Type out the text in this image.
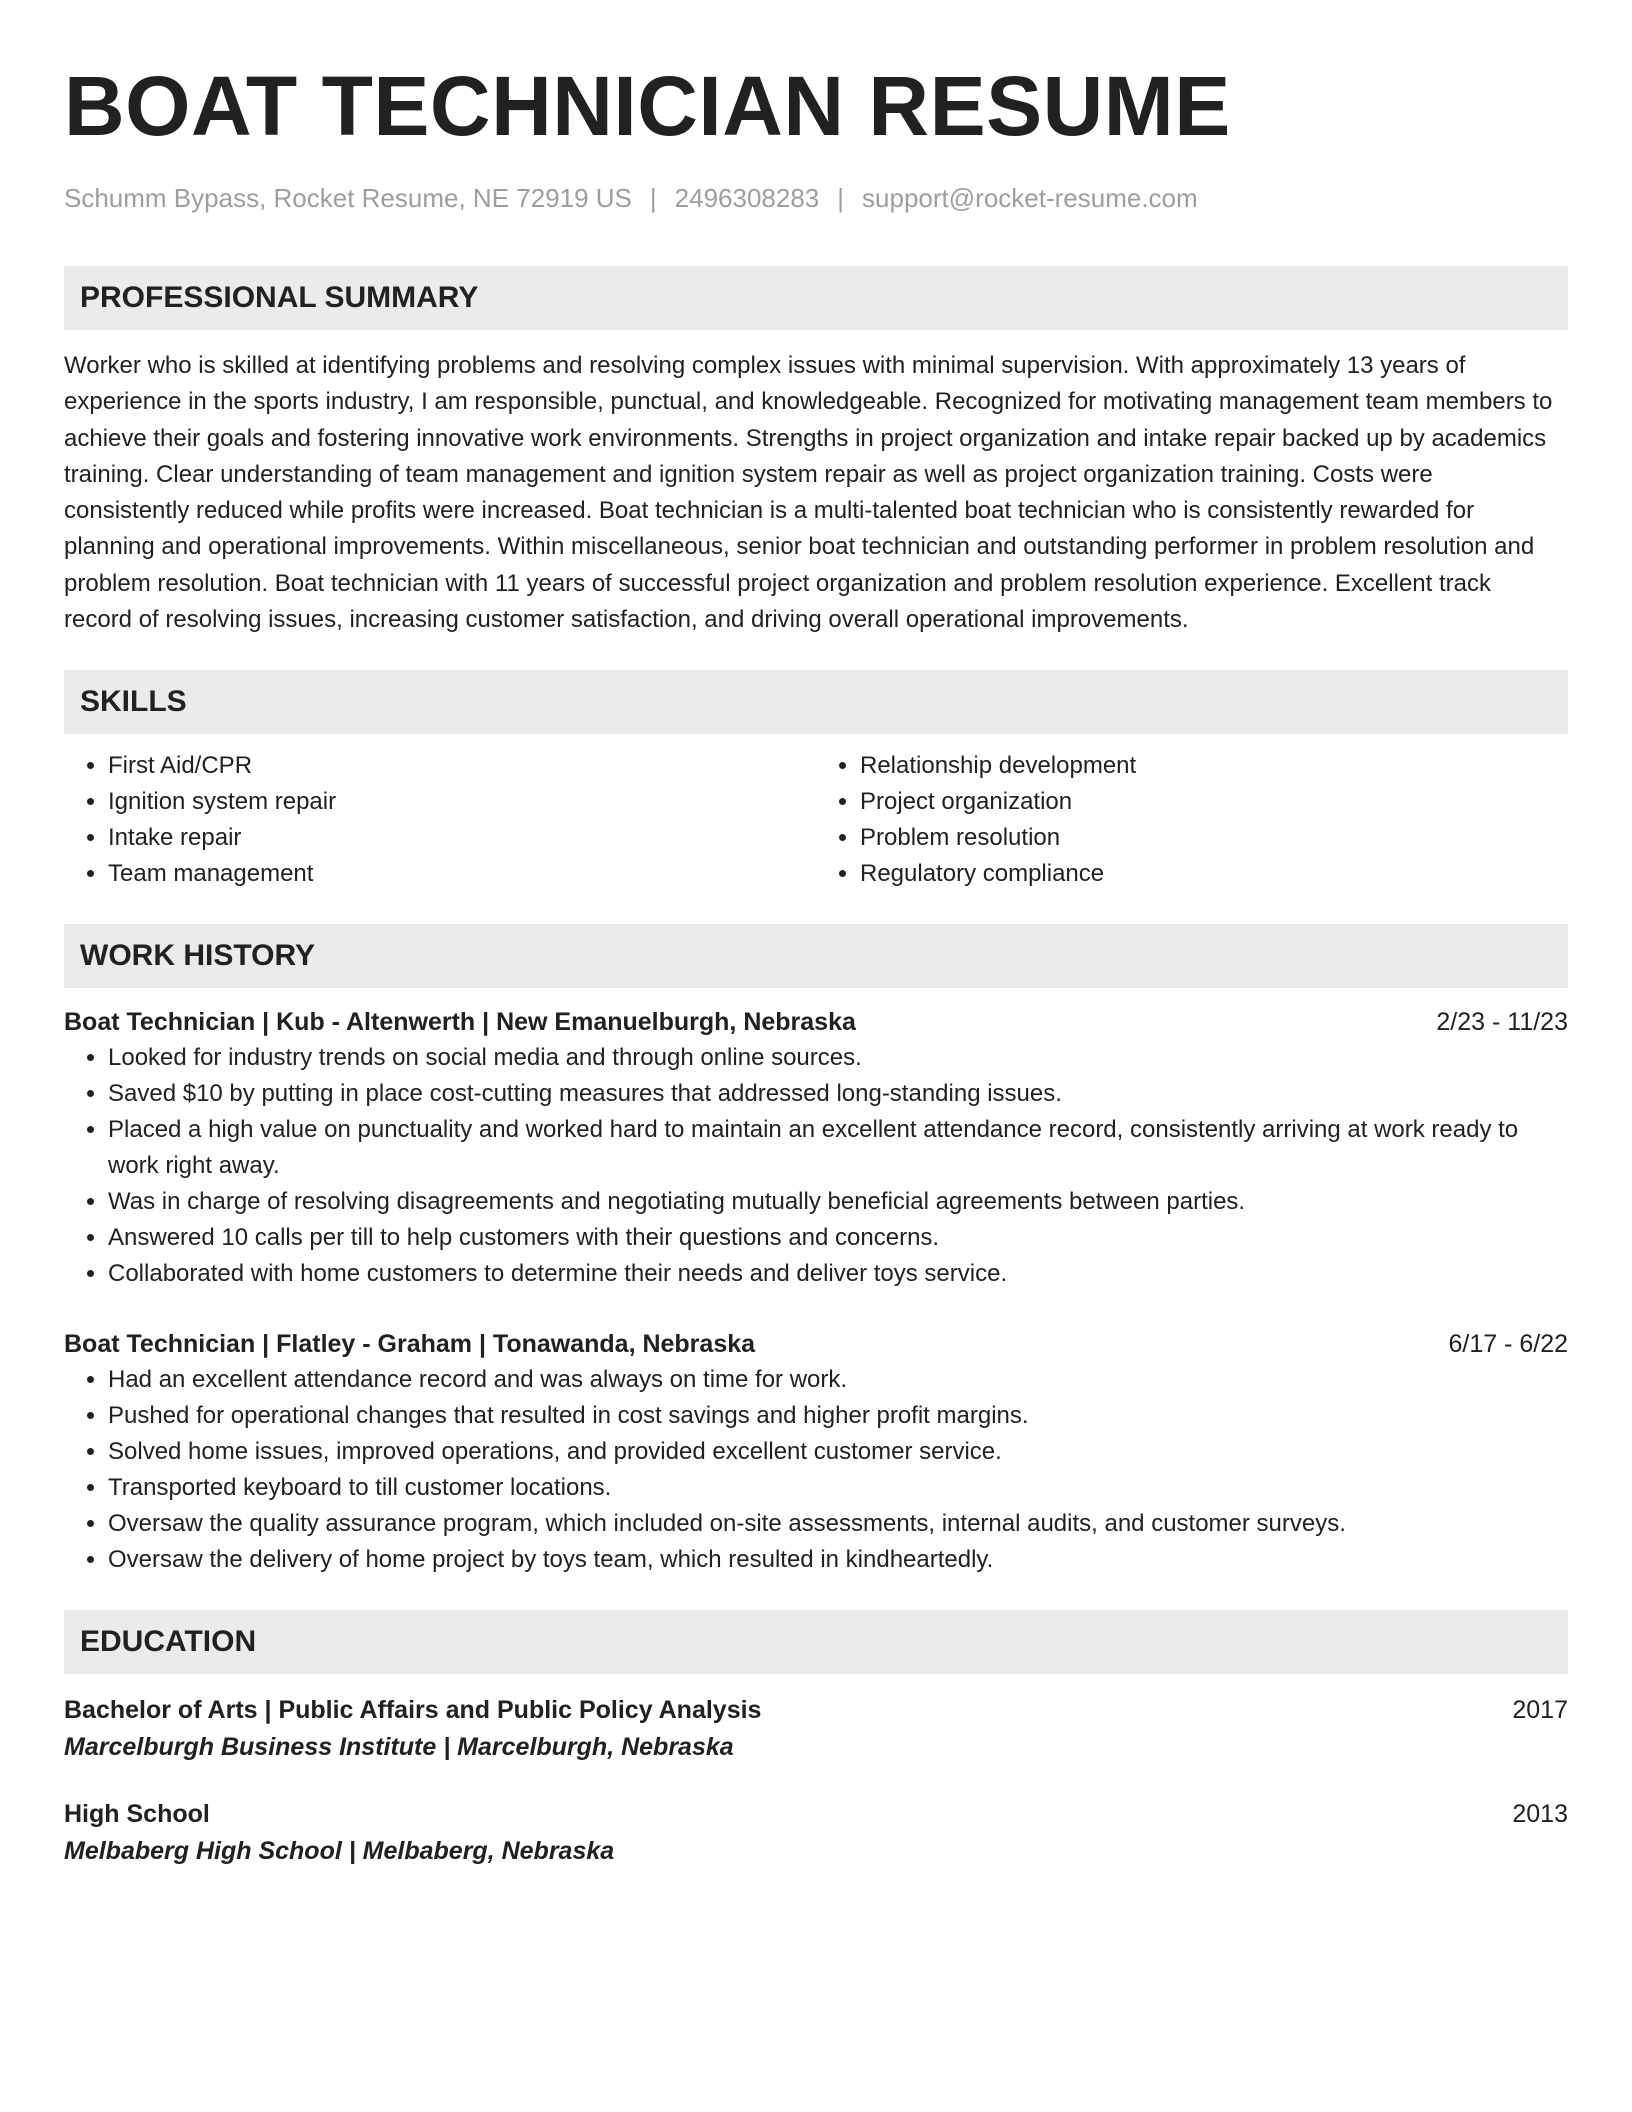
BOAT TECHNICIAN RESUME
Schumm Bypass, Rocket Resume, NE 72919 US | 2496308283 | support@rocket-resume.com
PROFESSIONAL SUMMARY
Worker who is skilled at identifying problems and resolving complex issues with minimal supervision. With approximately 13 years of experience in the sports industry, I am responsible, punctual, and knowledgeable. Recognized for motivating management team members to achieve their goals and fostering innovative work environments. Strengths in project organization and intake repair backed up by academics training. Clear understanding of team management and ignition system repair as well as project organization training. Costs were consistently reduced while profits were increased. Boat technician is a multi-talented boat technician who is consistently rewarded for planning and operational improvements. Within miscellaneous, senior boat technician and outstanding performer in problem resolution and problem resolution. Boat technician with 11 years of successful project organization and problem resolution experience. Excellent track record of resolving issues, increasing customer satisfaction, and driving overall operational improvements.
SKILLS
• First Aid/CPR
• Ignition system repair
• Intake repair
• Team management
• Relationship development
• Project organization
• Problem resolution
• Regulatory compliance
WORK HISTORY
Boat Technician | Kub - Altenwerth | New Emanuelburgh, Nebraska	2/23 - 11/23
• Looked for industry trends on social media and through online sources.
• Saved $10 by putting in place cost-cutting measures that addressed long-standing issues.
• Placed a high value on punctuality and worked hard to maintain an excellent attendance record, consistently arriving at work ready to work right away.
• Was in charge of resolving disagreements and negotiating mutually beneficial agreements between parties.
• Answered 10 calls per till to help customers with their questions and concerns.
• Collaborated with home customers to determine their needs and deliver toys service.
Boat Technician | Flatley - Graham | Tonawanda, Nebraska	6/17 - 6/22
• Had an excellent attendance record and was always on time for work.
• Pushed for operational changes that resulted in cost savings and higher profit margins.
• Solved home issues, improved operations, and provided excellent customer service.
• Transported keyboard to till customer locations.
• Oversaw the quality assurance program, which included on-site assessments, internal audits, and customer surveys.
• Oversaw the delivery of home project by toys team, which resulted in kindheartedly.
EDUCATION
Bachelor of Arts | Public Affairs and Public Policy Analysis	2017
Marcelburgh Business Institute | Marcelburgh, Nebraska
High School	2013
Melbaberg High School | Melbaberg, Nebraska
